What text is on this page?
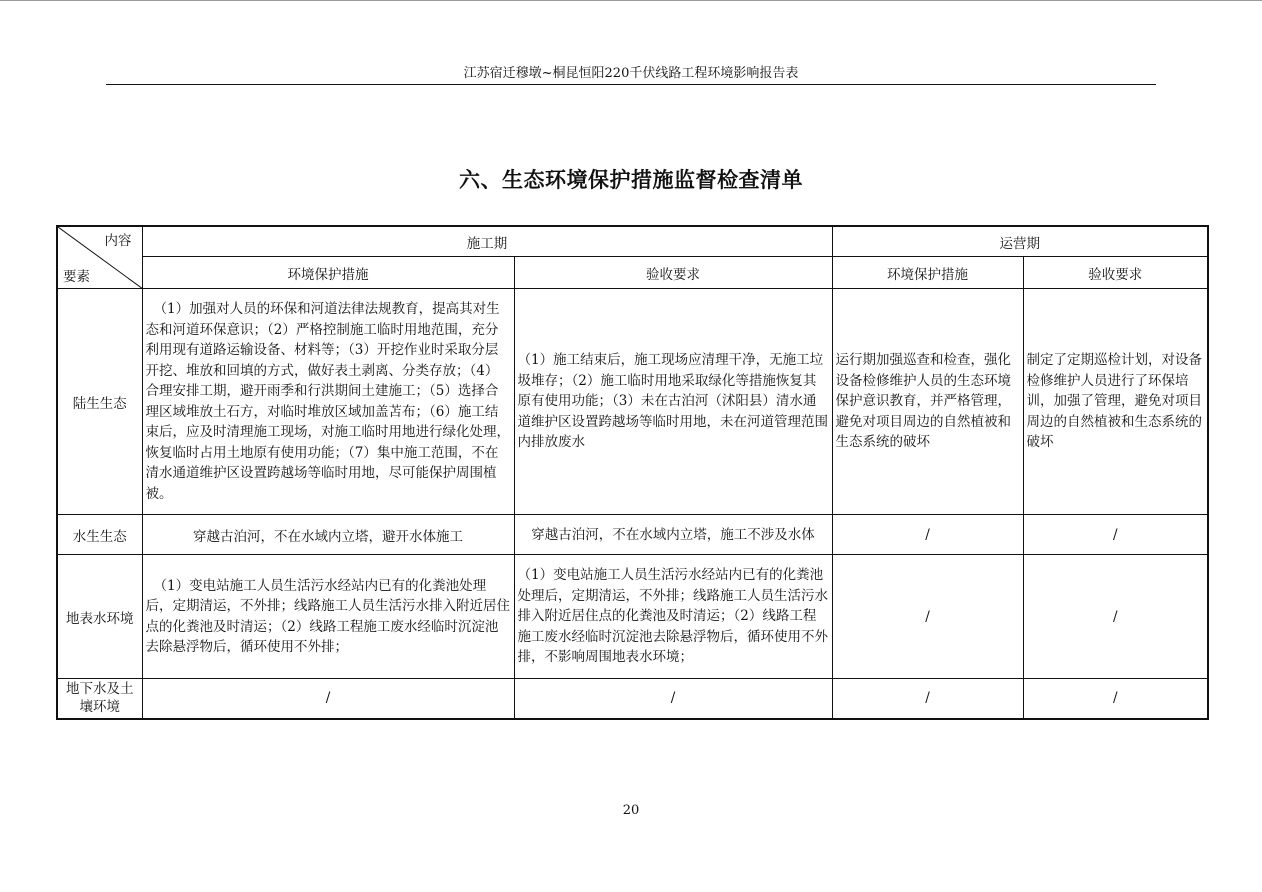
江苏宿迁穆墩~桐昆恒阳220千伏线路工程环境影响报告表
六、生态环境保护措施监督检查清单
内容
要素	施工期		运营期	
	环境保护措施	验收要求	环境保护措施	验收要求
陆生生态	（1）加强对人员的环保和河道法律法规教育，提高其对生态和河道环保意识；（2）严格控制施工临时用地范围，充分利用现有道路运输设备、材料等；（3）开挖作业时采取分层开挖、堆放和回填的方式，做好表土剥离、分类存放；（4）合理安排工期，避开雨季和行洪期间土建施工；（5）选择合理区域堆放土石方，对临时堆放区域加盖苫布；（6）施工结束后，应及时清理施工现场，对施工临时用地进行绿化处理，恢复临时占用土地原有使用功能；（7）集中施工范围，不在清水通道维护区设置跨越场等临时用地，尽可能保护周围植被。	（1）施工结束后，施工现场应清理干净，无施工垃圾堆存；（2）施工临时用地采取绿化等措施恢复其原有使用功能；（3）未在古泊河（沭阳县）清水通道维护区设置跨越场等临时用地，未在河道管理范围内排放废水	运行期加强巡查和检查，强化设备检修维护人员的生态环境保护意识教育，并严格管理，避免对项目周边的自然植被和生态系统的破坏	制定了定期巡检计划，对设备检修维护人员进行了环保培训，加强了管理，避免对项目周边的自然植被和生态系统的破坏
水生生态	穿越古泊河，不在水域内立塔，避开水体施工	穿越古泊河，不在水域内立塔，施工不涉及水体	/	/
地表水环境	（1）变电站施工人员生活污水经站内已有的化粪池处理后，定期清运，不外排；线路施工人员生活污水排入附近居住点的化粪池及时清运；（2）线路工程施工废水经临时沉淀池去除悬浮物后，循环使用不外排；	（1）变电站施工人员生活污水经站内已有的化粪池处理后，定期清运，不外排；线路施工人员生活污水排入附近居住点的化粪池及时清运；（2）线路工程施工废水经临时沉淀池去除悬浮物后，循环使用不外排，不影响周围地表水环境；	/	/
地下水及土壤环境	/	/	/	/
20
